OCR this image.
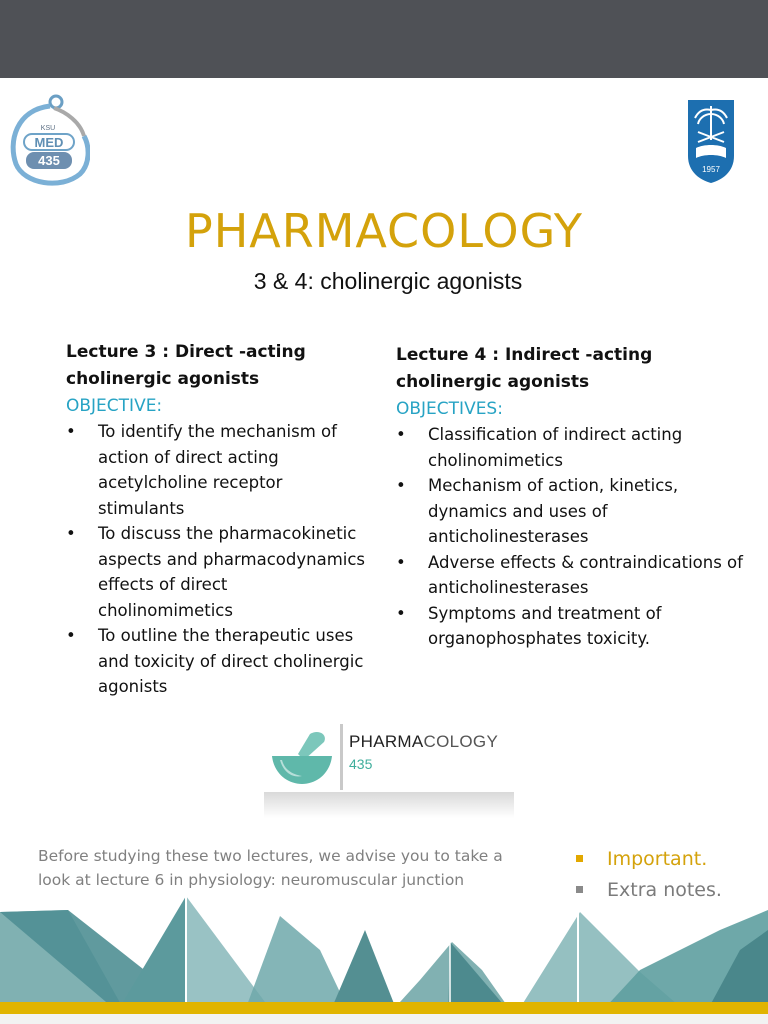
KSU
MED
435
1957
PHARMACOLOGY
3 & 4: cholinergic agonists
Lecture 3 : Direct -acting cholinergic agonists
OBJECTIVE:
• To identify the mechanism of action of direct acting acetylcholine receptor stimulants
• To discuss the pharmacokinetic aspects and pharmacodynamics effects of direct cholinomimetics
• To outline the therapeutic uses and toxicity of direct cholinergic agonists
Lecture 4 : Indirect -acting cholinergic agonists
OBJECTIVES:
• Classification of indirect acting cholinomimetics
• Mechanism of action, kinetics, dynamics and uses of anticholinesterases
• Adverse effects & contraindications of anticholinesterases
• Symptoms and treatment of organophosphates toxicity.
PHARMACOLOGY
435
Before studying these two lectures, we advise you to take a look at lecture 6 in physiology: neuromuscular junction
Important.
Extra notes.
